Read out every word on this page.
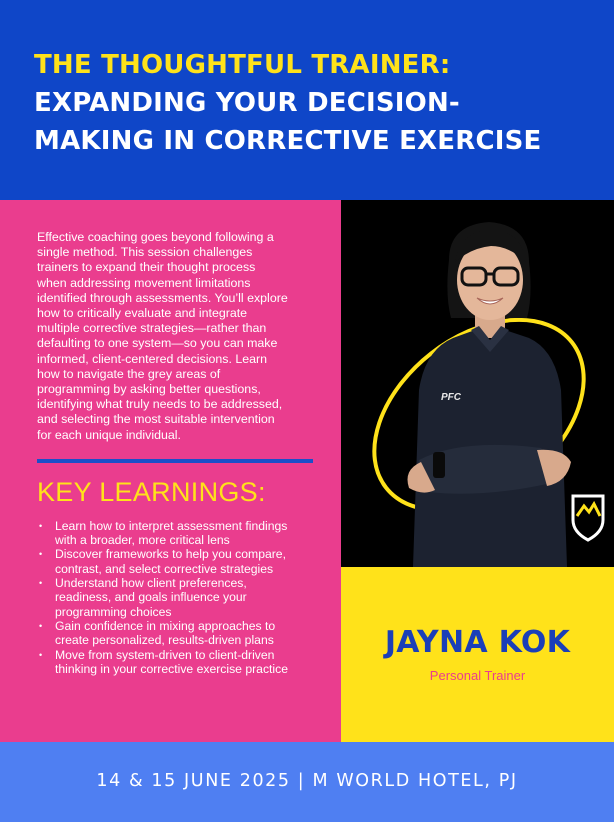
THE THOUGHTFUL TRAINER:
EXPANDING YOUR DECISION-
MAKING IN CORRECTIVE EXERCISE
Effective coaching goes beyond following a
single method. This session challenges
trainers to expand their thought process
when addressing movement limitations
identified through assessments. You’ll explore
how to critically evaluate and integrate
multiple corrective strategies—rather than
defaulting to one system—so you can make
informed, client-centered decisions. Learn
how to navigate the grey areas of
programming by asking better questions,
identifying what truly needs to be addressed,
and selecting the most suitable intervention
for each unique individual.
KEY LEARNINGS:
• Learn how to interpret assessment findings
with a broader, more critical lens
• Discover frameworks to help you compare,
contrast, and select corrective strategies
• Understand how client preferences,
readiness, and goals influence your
programming choices
• Gain confidence in mixing approaches to
create personalized, results-driven plans
• Move from system-driven to client-driven
thinking in your corrective exercise practice
PFC
JAYNA KOK
Personal Trainer
14 & 15 JUNE 2025 | M WORLD HOTEL, PJ
